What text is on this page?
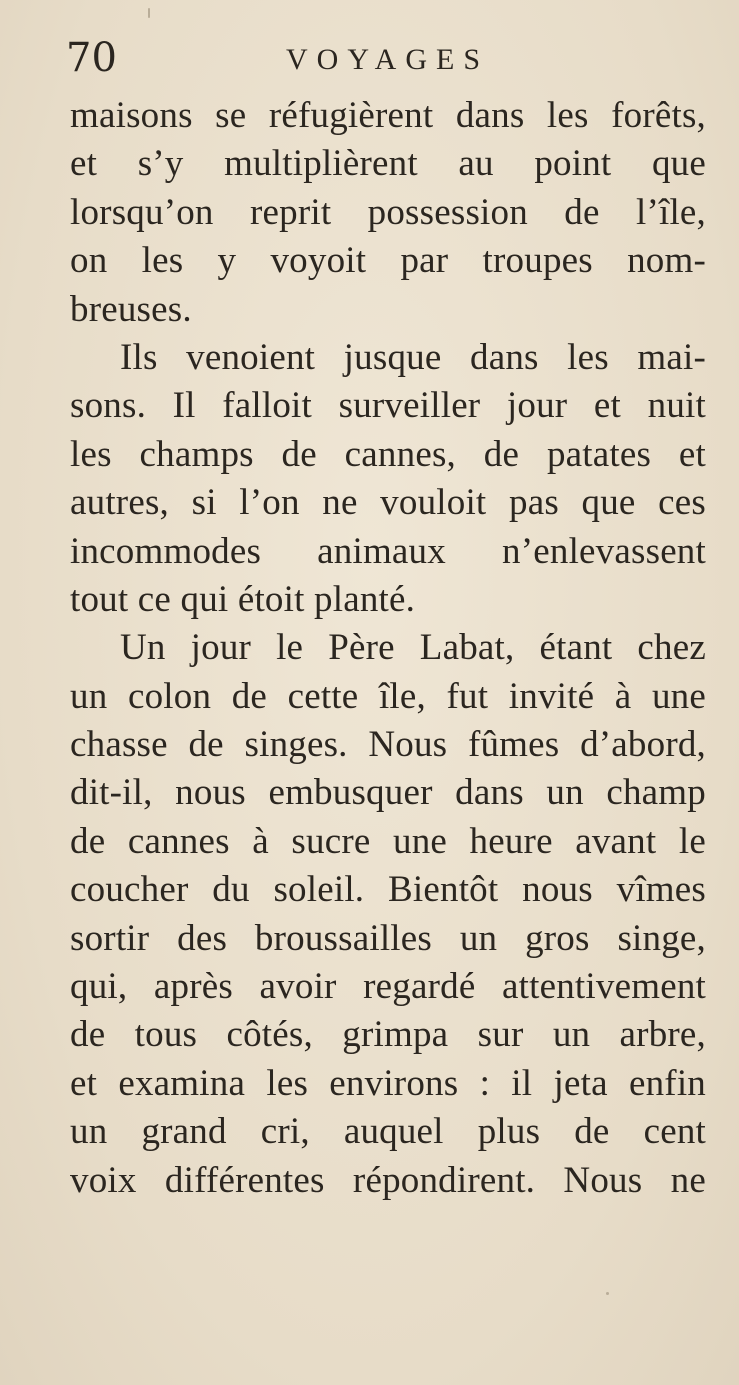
70	VOYAGES
maisons se réfugièrent dans les forêts,
et s’y multiplièrent au point que
lorsqu’on reprit possession de l’île,
on les y voyoit par troupes nom-
breuses.
Ils venoient jusque dans les mai-
sons. Il falloit surveiller jour et nuit
les champs de cannes, de patates et
autres, si l’on ne vouloit pas que ces
incommodes animaux n’enlevassent
tout ce qui étoit planté.
Un jour le Père Labat, étant chez
un colon de cette île, fut invité à une
chasse de singes. Nous fûmes d’abord,
dit-il, nous embusquer dans un champ
de cannes à sucre une heure avant le
coucher du soleil. Bientôt nous vîmes
sortir des broussailles un gros singe,
qui, après avoir regardé attentivement
de tous côtés, grimpa sur un arbre,
et examina les environs : il jeta enfin
un grand cri, auquel plus de cent
voix différentes répondirent. Nous ne
